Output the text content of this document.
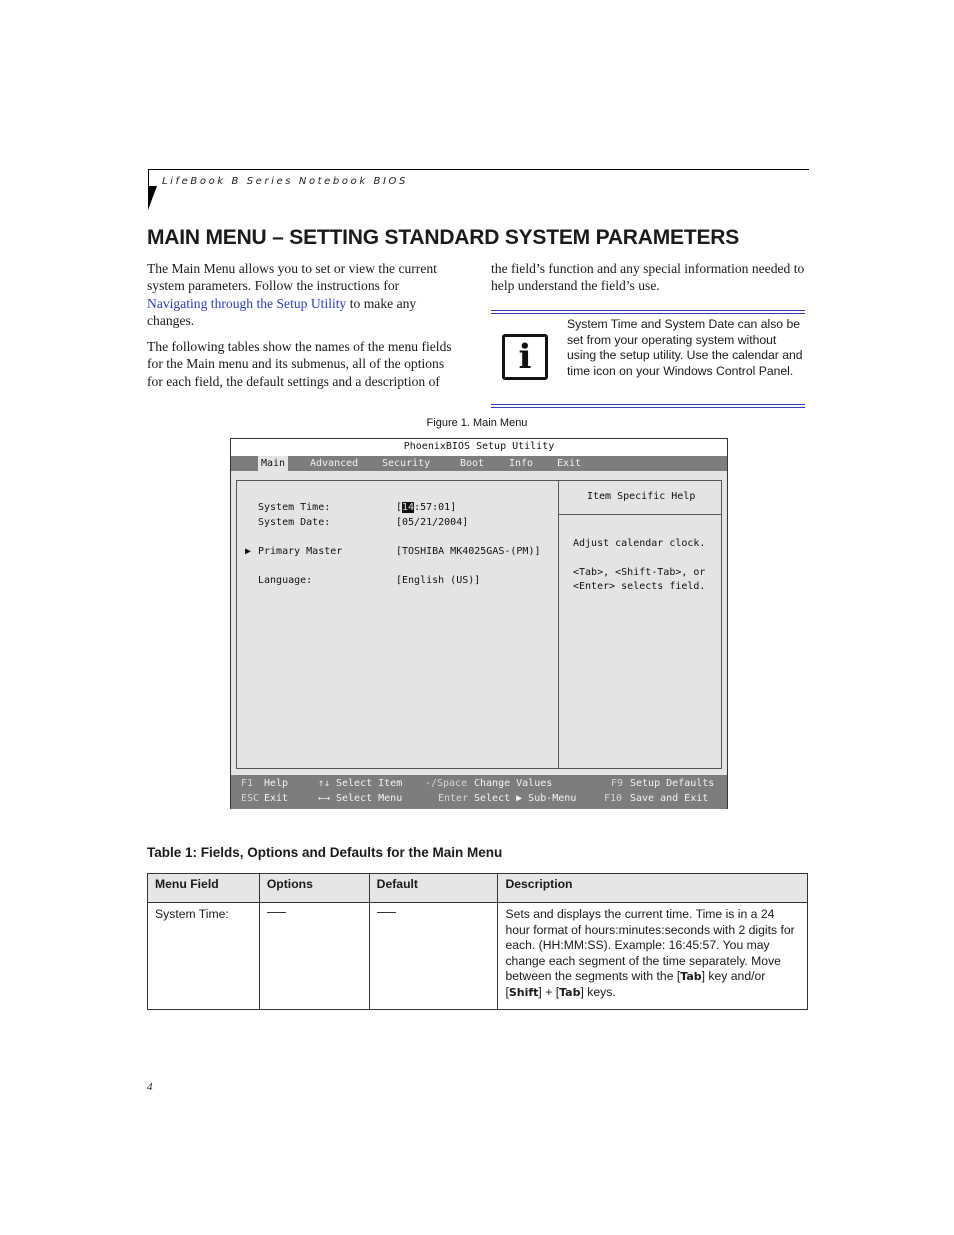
LifeBook B Series Notebook BIOS
MAIN MENU – SETTING STANDARD SYSTEM PARAMETERS

The Main Menu allows you to set or view the current system parameters. Follow the instructions for Navigating through the Setup Utility to make any changes.

The following tables show the names of the menu fields for the Main menu and its submenus, all of the options for each field, the default settings and a description of

the field’s function and any special information needed to help understand the field’s use.

i

System Time and System Date can also be set from your operating system without using the setup utility. Use the calendar and time icon on your Windows Control Panel.

Figure 1. Main Menu
PhoenixBIOS Setup Utility
Main	Advanced Security	Boot Info Exit
System Time:	[14:57:01]
System Date:	[05/21/2004]
▶ Primary Master	[TOSHIBA MK4025GAS-(PM)]
Language:	[English (US)]
Item Specific Help
Adjust calendar clock.
<Tab>, <Shift-Tab>, or
<Enter> selects field.
F1 Help	↑↓ Select Item -/Space Change Values	F9 Setup Defaults
ESC Exit	←→ Select Menu	Enter Select ▶ Sub-Menu	F10 Save and Exit
Table 1: Fields, Options and Defaults for the Main Menu
Menu Field	Options	Default	Description
System Time:			Sets and displays the current time. Time is in a 24 hour format of hours:minutes:seconds with 2 digits for each. (HH:MM:SS). Example: 16:45:57. You may change each segment of the time separately. Move between the segments with the [Tab] key and/or [Shift] + [Tab] keys.
4
